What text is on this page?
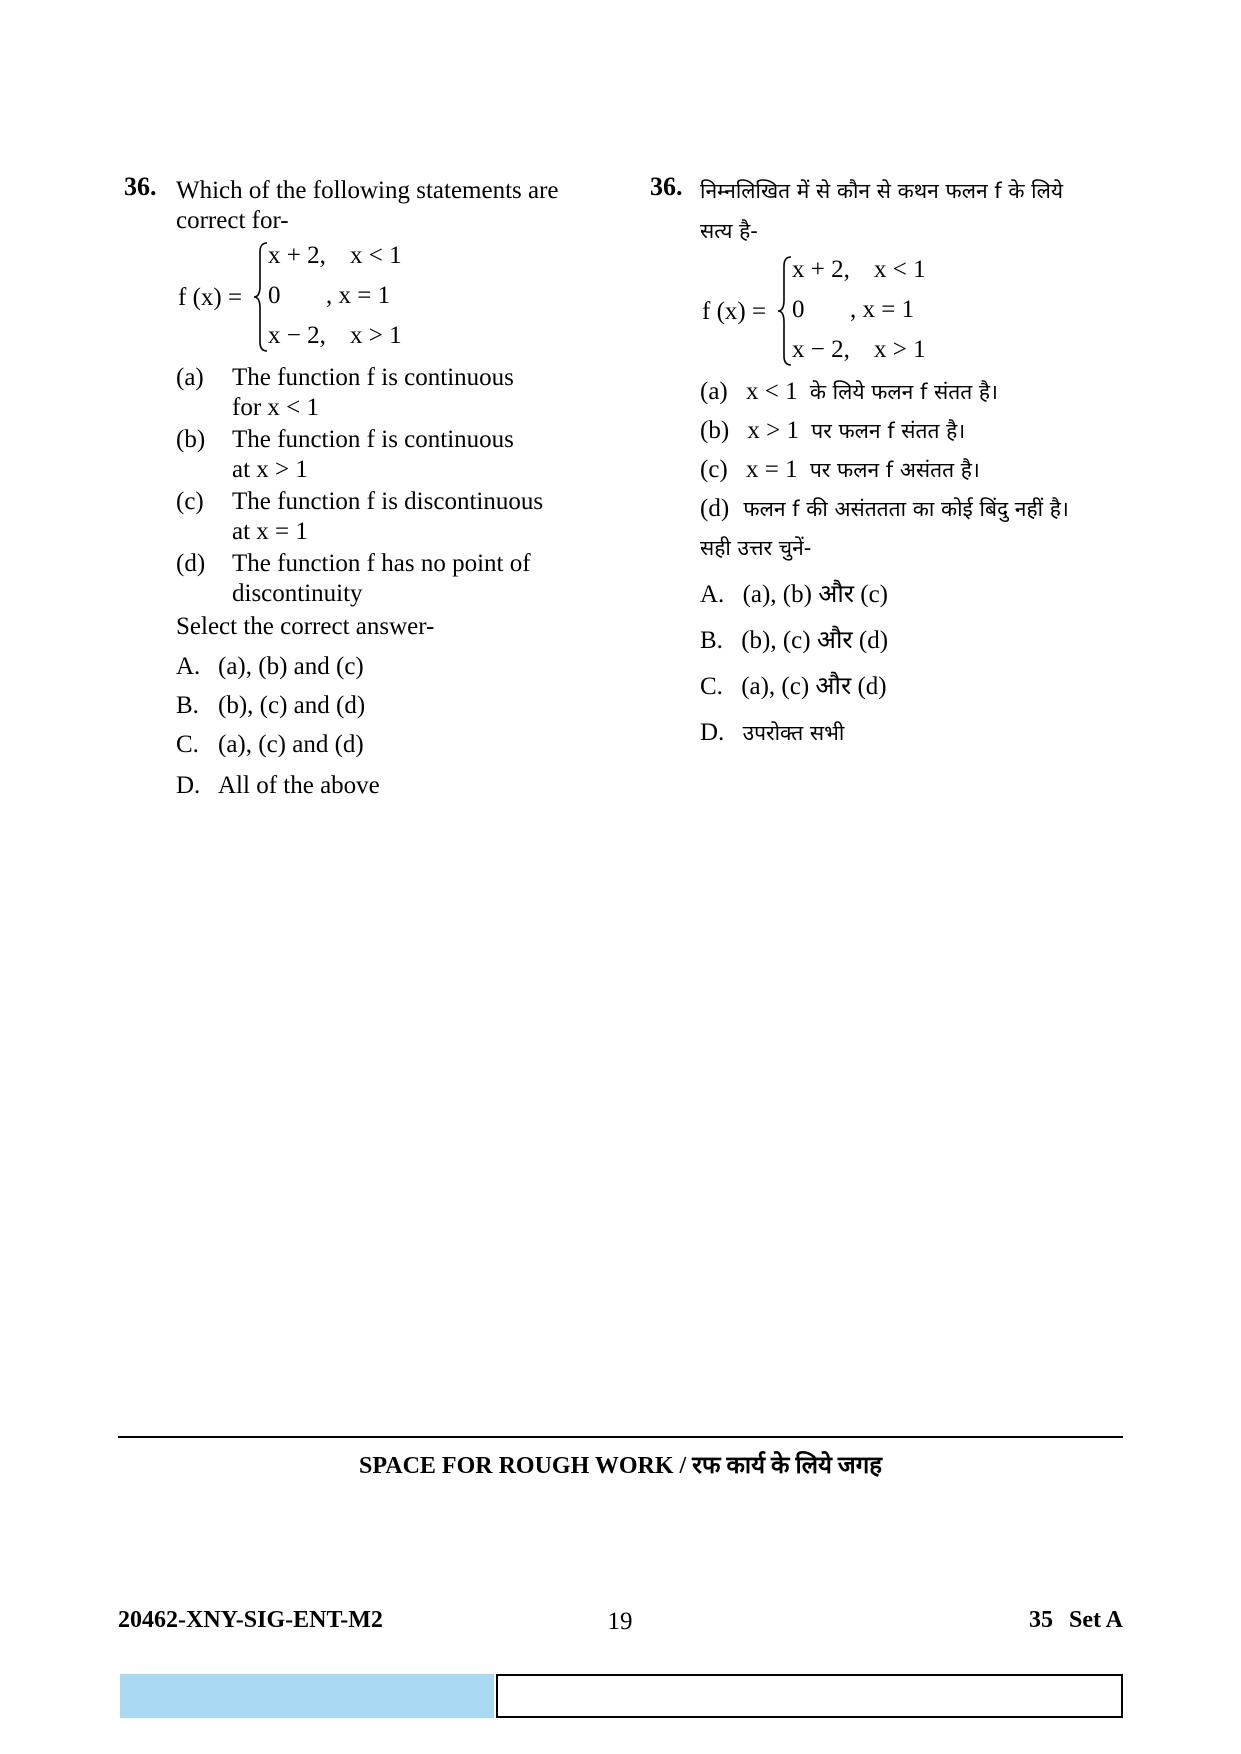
36. Which of the following statements are
correct for-
f (x) =
x + 2, x < 1
0 , x = 1
x − 2, x > 1
(a) The function f is continuous
for x < 1
(b) The function f is continuous
at x > 1
(c) The function f is discontinuous
at x = 1
(d) The function f has no point of
discontinuity
Select the correct answer-
A. (a), (b) and (c)
B. (b), (c) and (d)
C. (a), (c) and (d)
D. All of the above
36. निम्नलिखित में से कौन से कथन फलन f के लिये
सत्य है-
f (x) =
x + 2, x < 1
0 , x = 1
x − 2, x > 1
(a) x < 1 के लिये फलन f संतत है।
(b) x > 1 पर फलन f संतत है।
(c) x = 1 पर फलन f असंतत है।
(d) फलन f की असंततता का कोई बिंदु नहीं है।
सही उत्तर चुनें-
A. (a), (b) और (c)
B. (b), (c) और (d)
C. (a), (c) और (d)
D. उपरोक्त सभी
SPACE FOR ROUGH WORK / रफ कार्य के लिये जगह
20462-XNY-SIG-ENT-M2	19	35 Set A
